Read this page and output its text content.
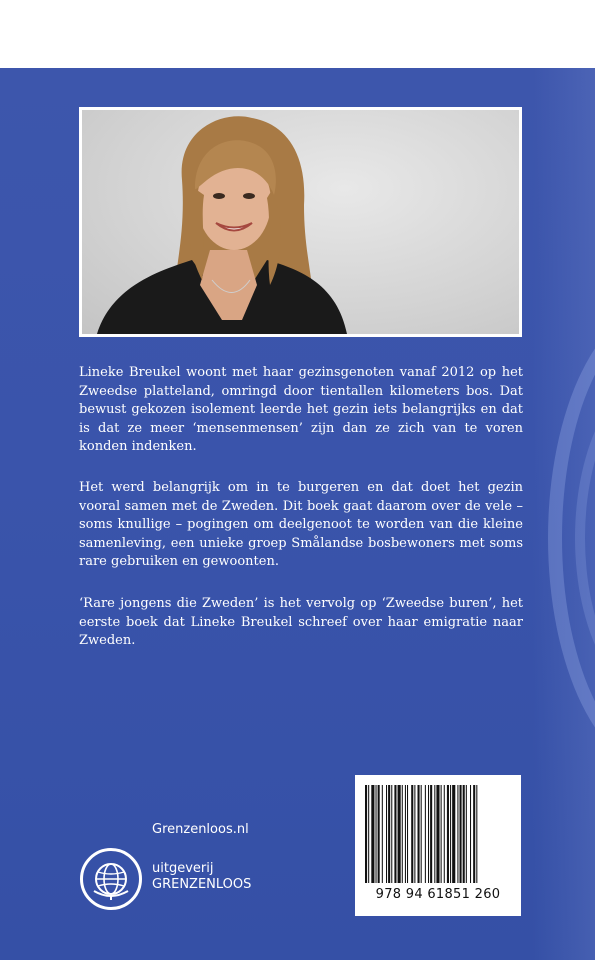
Lineke Breukel woont met haar gezinsgenoten vanaf 2012 op het Zweedse platteland, omringd door tientallen kilometers bos. Dat bewust gekozen isolement leerde het gezin iets belangrijks en dat is dat ze meer ‘mensenmensen’ zijn dan ze zich van te voren konden indenken.

Het werd belangrijk om in te burgeren en dat doet het gezin vooral samen met de Zweden. Dit boek gaat daarom over de vele – soms knullige – pogingen om deelgenoot te worden van die kleine samenleving, een unieke groep Smålandse bosbewoners met soms rare gebruiken en gewoonten.

‘Rare jongens die Zweden’ is het vervolg op ‘Zweedse buren’, het eerste boek dat Lineke Breukel schreef over haar emigratie naar Zweden.

Grenzenloos.nl
uitgeverij
GRENZENLOOS
978 94 61851 260
